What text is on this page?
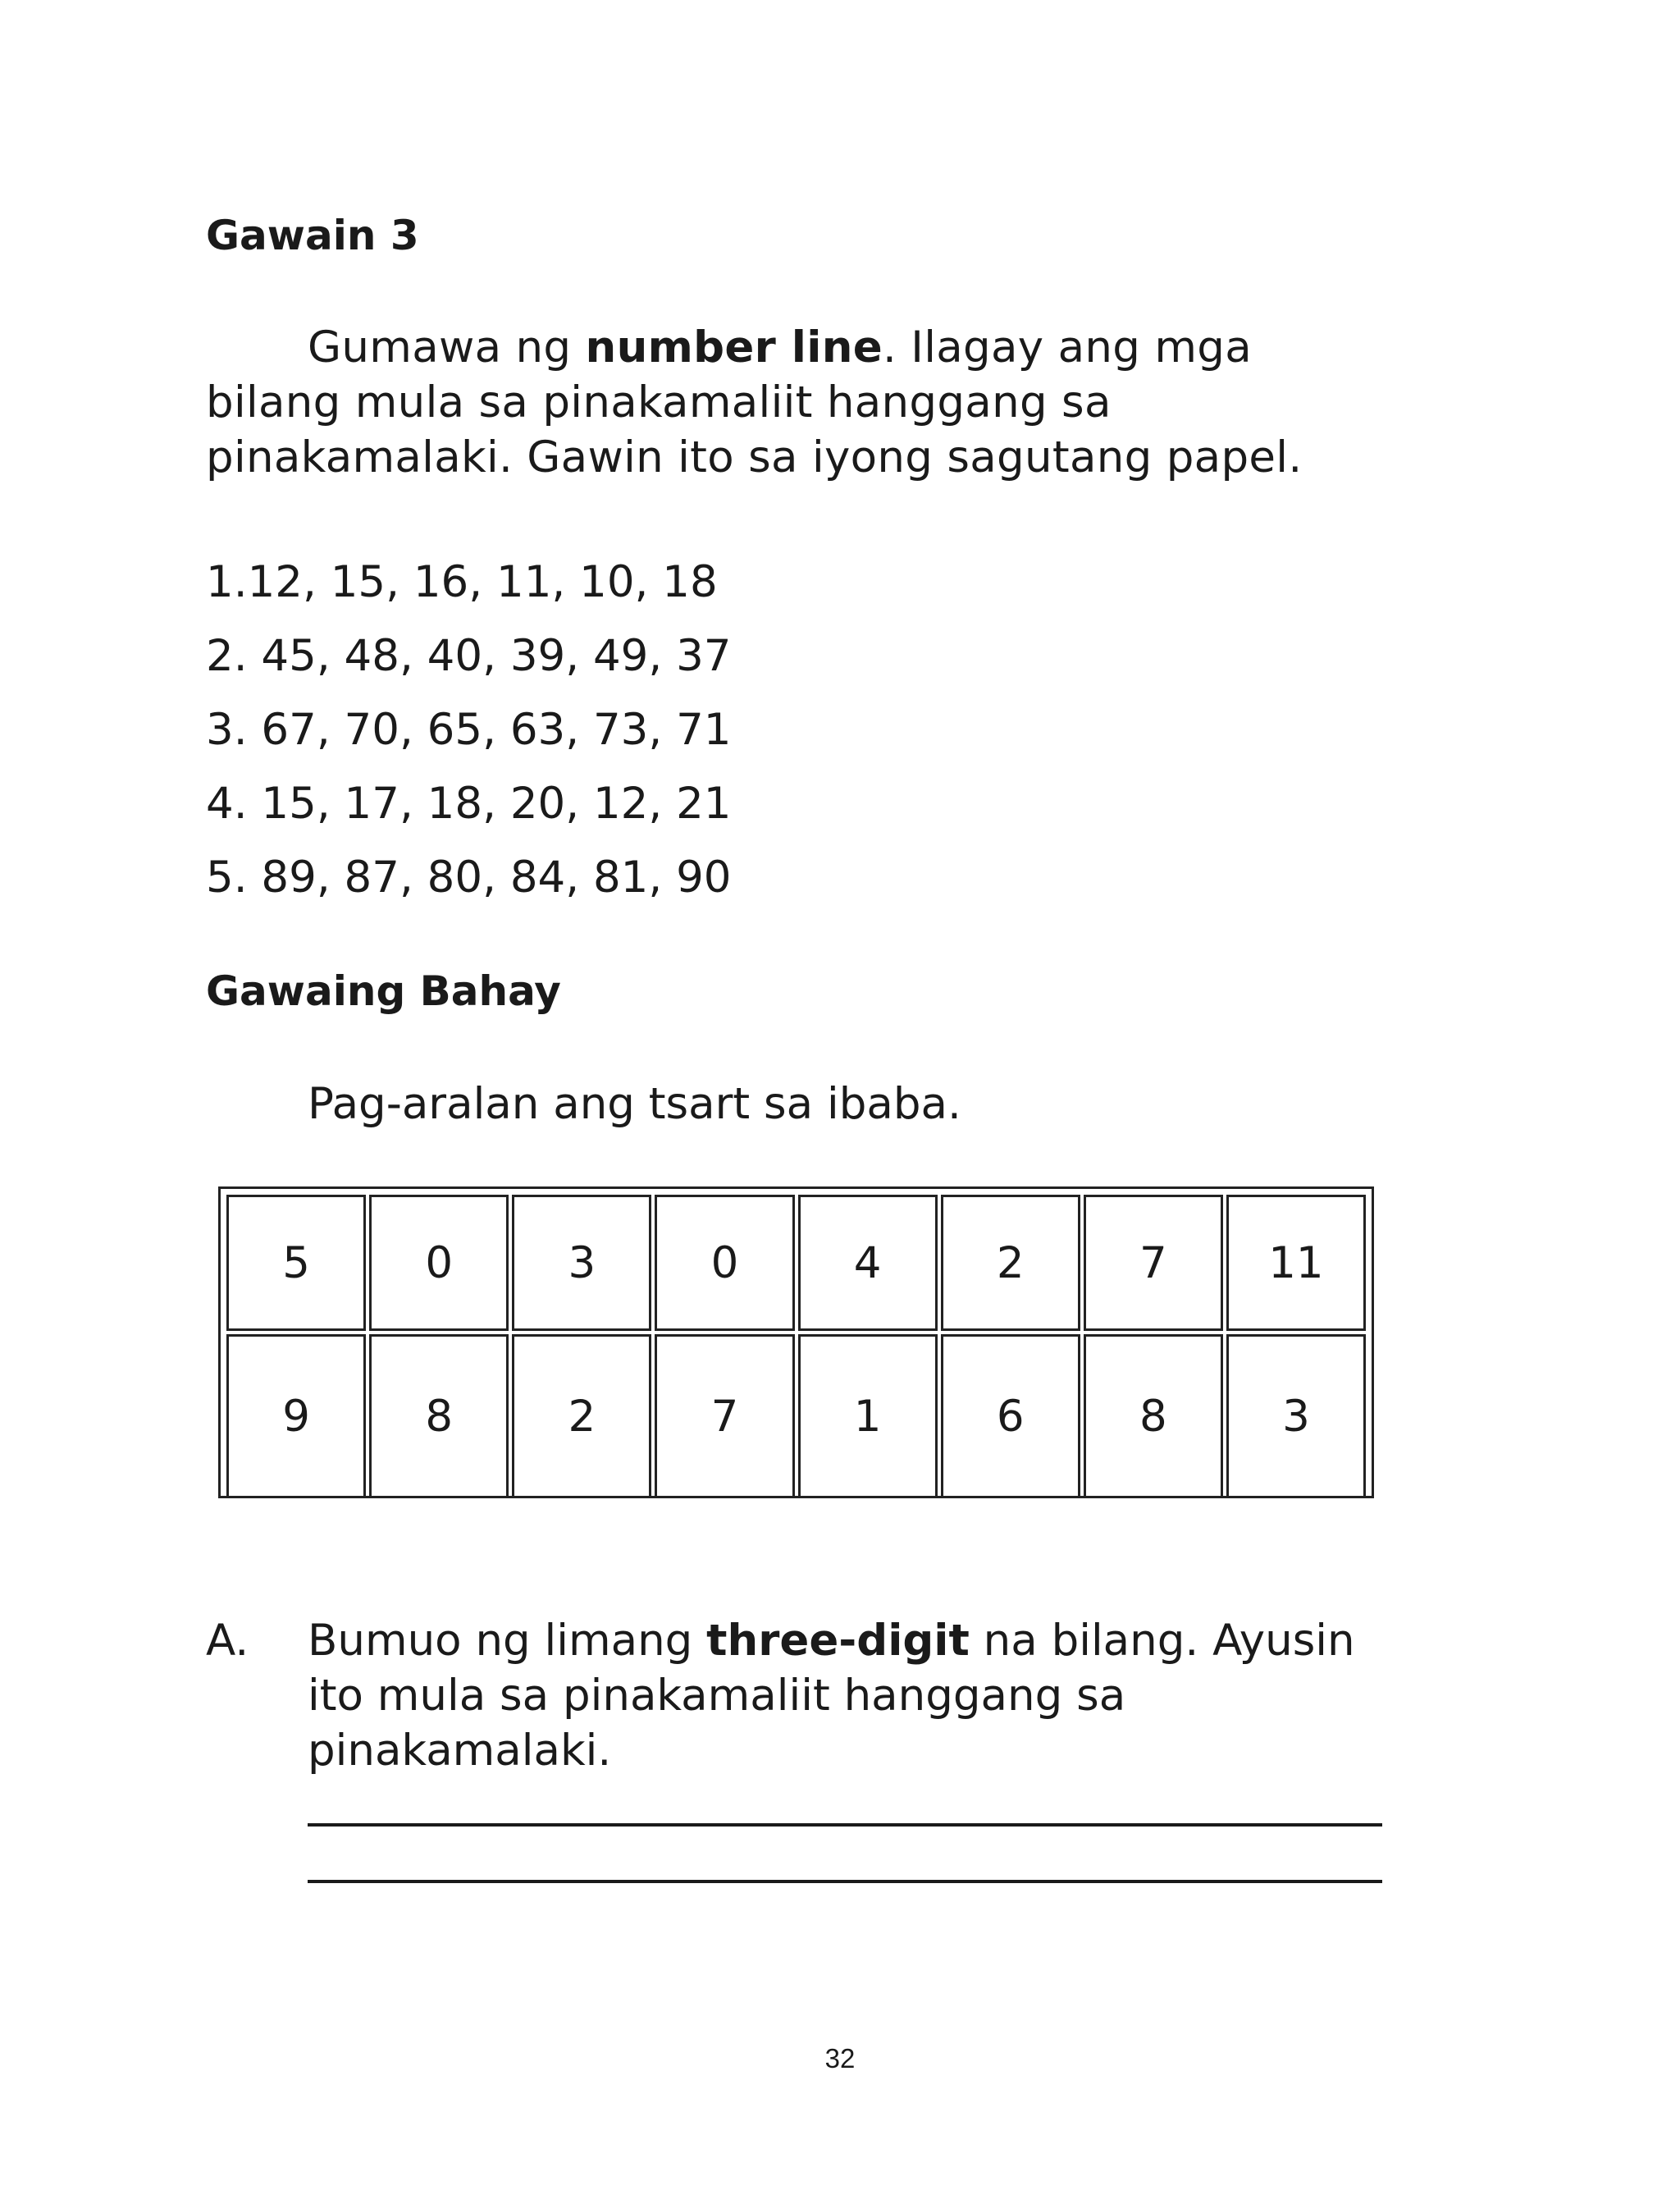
Gawain 3
Gumawa ng number line. Ilagay ang mga
bilang mula sa pinakamaliit hanggang sa
pinakamalaki. Gawin ito sa iyong sagutang papel.
1.12, 15, 16, 11, 10, 18
2. 45, 48, 40, 39, 49, 37
3. 67, 70, 65, 63, 73, 71
4. 15, 17, 18, 20, 12, 21
5. 89, 87, 80, 84, 81, 90
Gawaing Bahay
Pag-aralan ang tsart sa ibaba.
5	0	3	0	4	2	7	11
9	8	2	7	1	6	8	3
A. Bumuo ng limang three-digit na bilang. Ayusin
ito mula sa pinakamaliit hanggang sa
pinakamalaki.
32
